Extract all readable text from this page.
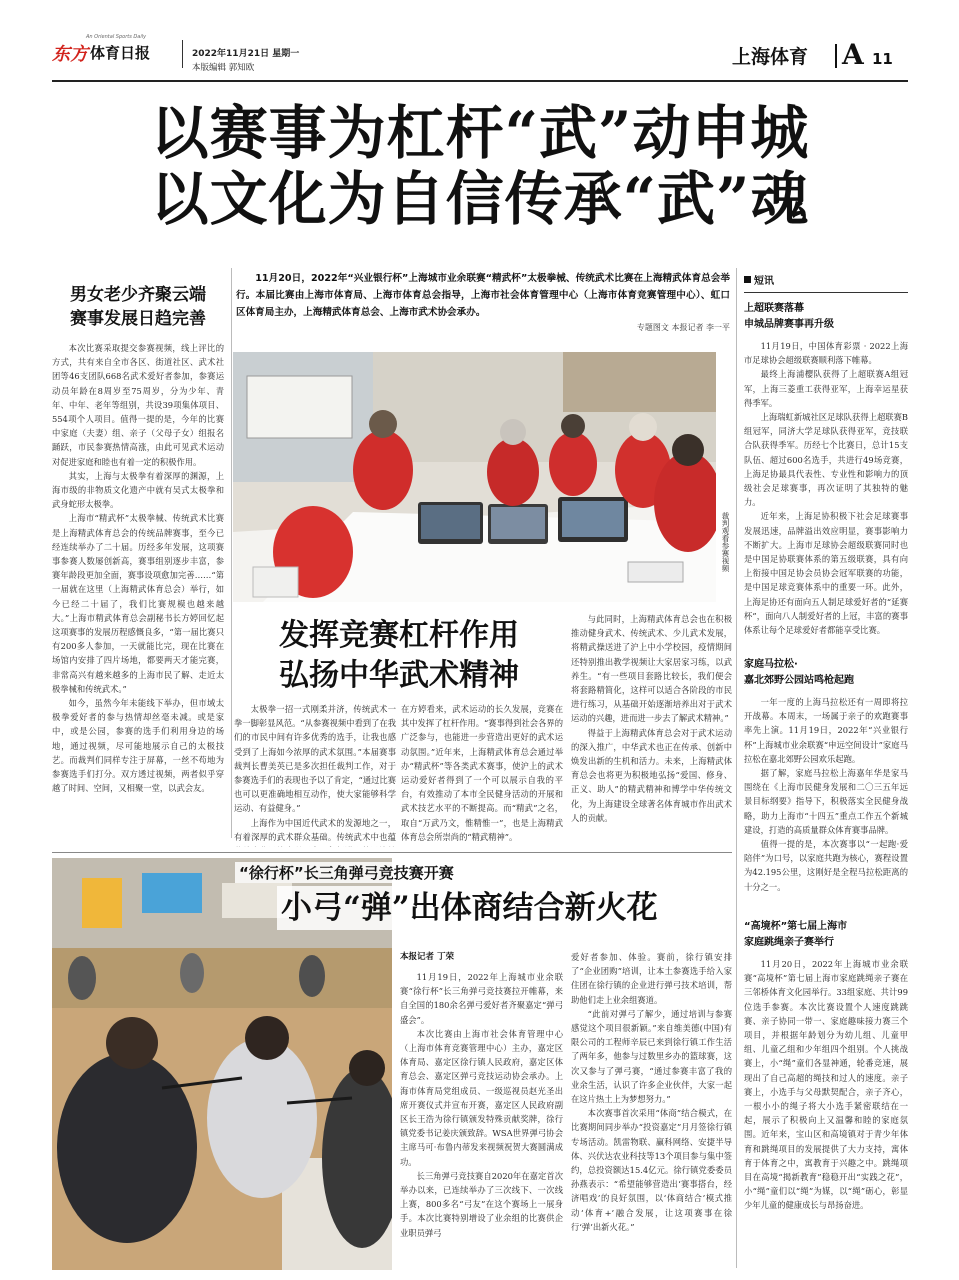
东方 体育日报
An Oriental Sports Daily
2022年11月21日 星期一
本版编辑 郭知欧	上海体育 A 11
以赛事为杠杆“武”动申城
以文化为自信传承“武”魂
男女老少齐聚云端
赛事发展日趋完善

本次比赛采取提交参赛视频，线上评比的方式，共有来自全市各区、街道社区、武术社团等46支团队668名武术爱好者参加，参赛运动员年龄在8周岁至75周岁，分为少年、青年、中年、老年等组别，共设39项集体项目、554项个人项目。值得一提的是，今年的比赛中家庭（夫妻）组、亲子（父母子女）组报名踊跃，市民参赛热情高涨，由此可见武术运动对促进家庭和睦也有着一定的积极作用。

其实，上海与太极拳有着深厚的渊源，上海市级的非物质文化遗产中就有吴式太极拳和武身蛇形太极拳。

上海市“精武杯”太极拳械、传统武术比赛是上海精武体育总会的传统品牌赛事，至今已经连续举办了二十届。历经多年发展，这项赛事参赛人数屡创新高，赛事组别逐步丰富，参赛年龄段更加全面，赛事设项愈加完善……“第一届就在这里（上海精武体育总会）举行，如今已经二十届了，我们比赛规模也越来越大。”上海市精武体育总会副秘书长方婷回忆起这项赛事的发展历程感慨良多，“第一届比赛只有200多人参加，一天就能比完，现在比赛在场馆内安排了四片场地，都要两天才能完赛，非常高兴有越来越多的上海市民了解、走近太极拳械和传统武术。”

如今，虽然今年未能线下举办，但市域太极拳爱好者的参与热情却丝毫未减。或是家中，或是公园，参赛的选手们利用身边的场地，通过视频，尽可能地展示自己的太极技艺。而裁判们同样专注于屏幕，一丝不苟地为参赛选手们打分。双方透过视频，两者似乎穿越了时间、空间，又相聚一堂，以武会友。

11月20日，2022年“兴业银行杯”上海城市业余联赛“精武杯”太极拳械、传统武术比赛在上海精武体育总会举行。本届比赛由上海市体育局、上海市体育总会指导，上海市社会体育管理中心（上海市体育竞赛管理中心）、虹口区体育局主办，上海精武体育总会、上海市武术协会承办。
专题图文 本报记者 李一平
裁判观看参赛视频
发挥竞赛杠杆作用
弘扬中华武术精神

太极拳一招一式刚柔并济，传统武术一拳一脚彰显风范。“从参赛视频中看到了在我们的市民中间有许多优秀的选手，让我也感受到了上海如今浓厚的武术氛围。”本届赛事裁判长曹美英已是多次担任裁判工作，对于参赛选手们的表现也予以了肯定，“通过比赛也可以更准确地相互动作，使大家能够科学运动、有益健身。”

上海作为中国近代武术的发源地之一，有着深厚的武术群众基础。传统武术中也蕴

在方婷看来，武术运动的长久发展，竞赛在其中发挥了杠杆作用。“赛事得到社会各界的广泛参与，也能进一步营造出更好的武术运动氛围。”近年来，上海精武体育总会通过举办“精武杯”等各类武术赛事，使沪上的武术运动爱好者得到了一个可以展示自我的平台，有效推动了本市全民健身活动的开展和武术技艺水平的不断提高。而“精武”之名，取自“万武乃文，惟精惟一”，也是上海精武体育总会所崇尚的“精武精神”。

与此同时，上海精武体育总会也在积极推动健身武术、传统武术、少儿武术发展，将精武操送进了沪上中小学校园，疫情期间还特别推出教学视频让大家居家习练，以武养生。“有一些项目套路比较长，我们便会将套路精简化，这样可以适合各阶段的市民进行练习，从基础开始逐渐培养出对于武术运动的兴趣，进而进一步去了解武术精神。”

得益于上海精武体育总会对于武术运动的深入推广，中华武术也正在传承、创新中焕发出新的生机和活力。未来，上海精武体育总会也将更为积极地弘扬“爱国、修身、正义、助人”的精武精神和博学中华传统文化，为上海建设全球著名体育城市作出武术人的贡献。

短讯
上超联赛落幕
申城品牌赛事再升级

11月19日，中国体育彩票 · 2022上海市足球协会超级联赛顺利落下帷幕。

最终上海浦樱队获得了上超联赛A组冠军，上海三菱重工获得亚军，上海幸运星获得季军。

上海瑞虹新城社区足球队获得上超联赛B组冠军，同济大学足球队获得亚军，竞技联合队获得季军。历经七个比赛日，总计15支队伍、超过600名选手，共进行49场竞赛，上海足协最具代表性、专业性和影响力的顶级社会足球赛事，再次证明了其独特的魅力。

近年来，上海足协积极下社会足球赛事发展迅速，品牌溢出效应明显，赛事影响力不断扩大。上海市足球协会超级联赛同时也是中国足协联赛体系的第五级联赛，具有向上衔接中国足协会员协会冠军联赛的功能，是中国足球竞赛体系中的重要一环。此外，上海足协还有面向五人制足球爱好者的“延赛杯”，面向八人制爱好者的上冠，丰富的赛事体系让每个足球爱好者都能享受比赛。

家庭马拉松·
嘉北郊野公园站鸣枪起跑

一年一度的上海马拉松还有一周即将拉开战幕。本周末，一场属于亲子的欢跑赛事率先上演。11月19日，2022年“兴业银行杯”上海城市业余联赛“申远空间设计”家庭马拉松在嘉北郊野公园欢乐起跑。

据了解，家庭马拉松上海嘉年华是家马围绕在《上海市民健身发展和二〇三五年远景目标纲要》指导下，积极落实全民健身战略，助力上海市“十四五”重点工作五个新城建设，打造的高质量群众体育赛事品牌。

值得一提的是，本次赛事以“一起跑·爱陪伴”为口号，以家庭共跑为核心，赛程设置为42.195公里，这刚好是全程马拉松距离的十分之一。

“高境杯”第七届上海市
家庭跳绳亲子赛举行

11月20日，2022年上海城市业余联赛“高境杯”第七届上海市家庭跳绳亲子赛在三邻桥体育文化园举行。33组家庭、共计99位选手参赛。本次比赛设置个人速度跳跳赛、亲子协同一带一、家庭趣味接力赛三个项目，并根据年龄划分为幼儿组、儿童甲组、儿童乙组和少年组四个组别。个人挑战赛上，小“绳”童们各显神通，轮番竞速，展现出了自己高超的绳技和过人的速度。亲子赛上，小选手与父母默契配合，亲子齐心，一根小小的绳子将大小选手紧密联结在一起，展示了积极向上又温馨和睦的家庭氛围。近年来，宝山区和高境镇对于青少年体育和跳绳项目的发展提供了大力支持，寓体育于体育之中，寓教育于兴趣之中。跳绳项目在高境“揭新教育”稳稳开出“实践之花”，小“绳”童们以“绳”为媒，以“绳”砺心，彰显少年儿童的健康成长与昂扬奋进。

“徐行杯”长三角弹弓竞技赛开赛
小弓“弹”出体商结合新火花
本报记者 丁荣

11月19日，2022年上海城市业余联赛“徐行杯”长三角弹弓竞技赛拉开帷幕，来自全国的180余名弹弓爱好者齐聚嘉定“弹弓盛会”。

本次比赛由上海市社会体育管理中心（上海市体育竞赛管理中心）主办，嘉定区体育局、嘉定区徐行镇人民政府，嘉定区体育总会、嘉定区弹弓竞技运动协会承办。上海市体育局党组成员、一级巡视员赵光圣出席开赛仪式并宣布开赛，嘉定区人民政府副区长王浩为徐行镇颁发特殊贡献奖牌，徐行镇党委书记姜庆颁致辞。WSA世界弹弓协会主席马可·布鲁内蒂发来视频祝贺大赛圆满成功。

长三角弹弓竞技赛自2020年在嘉定首次举办以来，已连续举办了三次线下、一次线上赛，800多名“弓友”在这个赛场上一展身手。本次比赛特别增设了业余组的比赛供企业职员弹弓

爱好者参加、体验。赛前，徐行镇安排了“企业团购”培训，让本土参赛选手给入家住团在徐行镇的企业进行弹弓技术培训，帮助他们走上业余组赛道。

“此前对弹弓了解少，通过培训与参赛感觉这个项目很新颖。”来自维美德(中国)有限公司的工程师辛辰已来到徐行镇工作生活了两年多，他参与过数里乡办的篮球赛，这次又参与了弹弓赛，“通过参赛丰富了我的业余生活，认识了许多企业伙伴，大家一起在这片热土上为梦想努力。”

本次赛事首次采用“体商”结合模式，在比赛期间同步举办“投资嘉定”月月签徐行镇专场活动。凯雷物联、赢科网络、安捷半导体、兴伏达农业科技等13个项目参与集中签约，总投资额达15.4亿元。徐行镇党委委员孙燕表示：“希望能够营造出‘赛事搭台，经济唱戏’的良好氛围，以‘体商结合’模式推动‘体育+’融合发展，让这项赛事在徐行‘弹’出新火花。”
